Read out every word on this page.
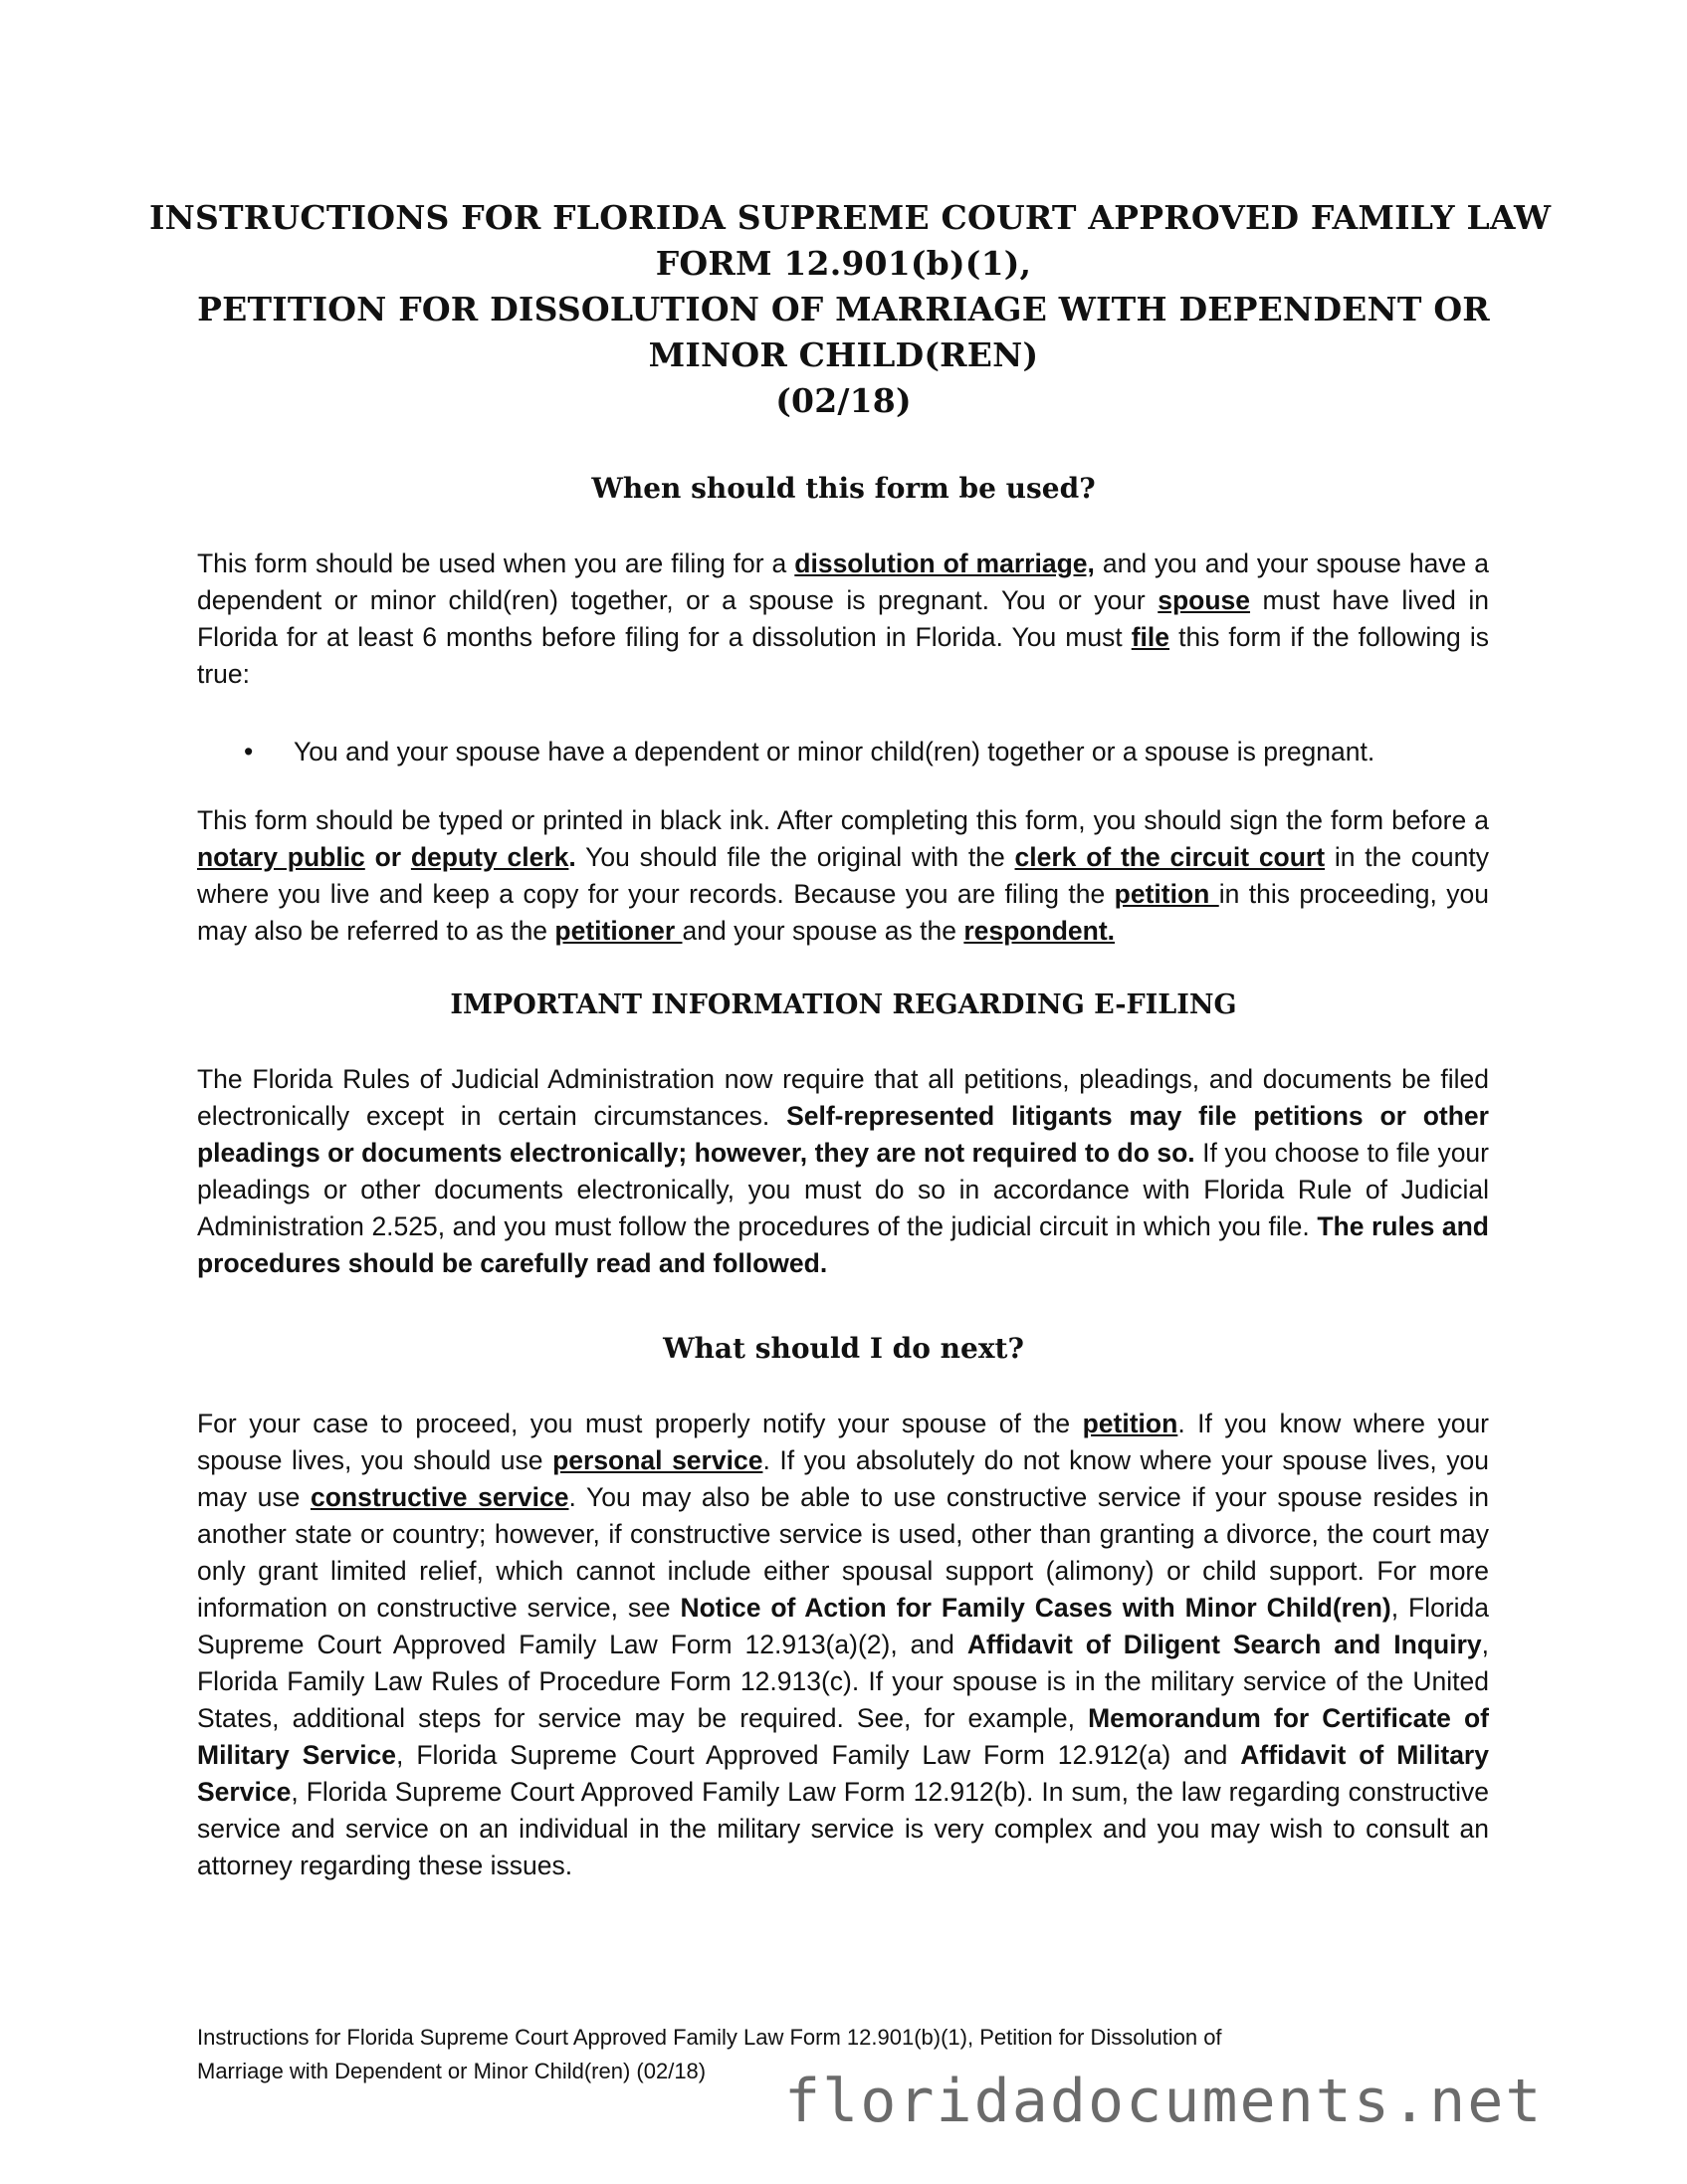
INSTRUCTIONS FOR FLORIDA SUPREME COURT APPROVED FAMILY LAW
FORM 12.901(b)(1),
PETITION FOR DISSOLUTION OF MARRIAGE WITH DEPENDENT OR
MINOR CHILD(REN)
(02/18)
When should this form be used?
This form should be used when you are filing for a dissolution of marriage, and you and your spouse have a dependent or minor child(ren) together, or a spouse is pregnant. You or your spouse must have lived in Florida for at least 6 months before filing for a dissolution in Florida. You must file this form if the following is true:
• You and your spouse have a dependent or minor child(ren) together or a spouse is pregnant.
This form should be typed or printed in black ink. After completing this form, you should sign the form before a notary public or deputy clerk. You should file the original with the clerk of the circuit court in the county where you live and keep a copy for your records. Because you are filing the petition in this proceeding, you may also be referred to as the petitioner and your spouse as the respondent.
IMPORTANT INFORMATION REGARDING E-FILING
The Florida Rules of Judicial Administration now require that all petitions, pleadings, and documents be filed electronically except in certain circumstances. Self-represented litigants may file petitions or other pleadings or documents electronically; however, they are not required to do so. If you choose to file your pleadings or other documents electronically, you must do so in accordance with Florida Rule of Judicial Administration 2.525, and you must follow the procedures of the judicial circuit in which you file. The rules and procedures should be carefully read and followed.
What should I do next?
For your case to proceed, you must properly notify your spouse of the petition. If you know where your spouse lives, you should use personal service. If you absolutely do not know where your spouse lives, you may use constructive service. You may also be able to use constructive service if your spouse resides in another state or country; however, if constructive service is used, other than granting a divorce, the court may only grant limited relief, which cannot include either spousal support (alimony) or child support. For more information on constructive service, see Notice of Action for Family Cases with Minor Child(ren), Florida Supreme Court Approved Family Law Form 12.913(a)(2), and Affidavit of Diligent Search and Inquiry, Florida Family Law Rules of Procedure Form 12.913(c). If your spouse is in the military service of the United States, additional steps for service may be required. See, for example, Memorandum for Certificate of Military Service, Florida Supreme Court Approved Family Law Form 12.912(a) and Affidavit of Military Service, Florida Supreme Court Approved Family Law Form 12.912(b). In sum, the law regarding constructive service and service on an individual in the military service is very complex and you may wish to consult an attorney regarding these issues.
Instructions for Florida Supreme Court Approved Family Law Form 12.901(b)(1), Petition for Dissolution of
Marriage with Dependent or Minor Child(ren) (02/18)	floridadocuments.net
